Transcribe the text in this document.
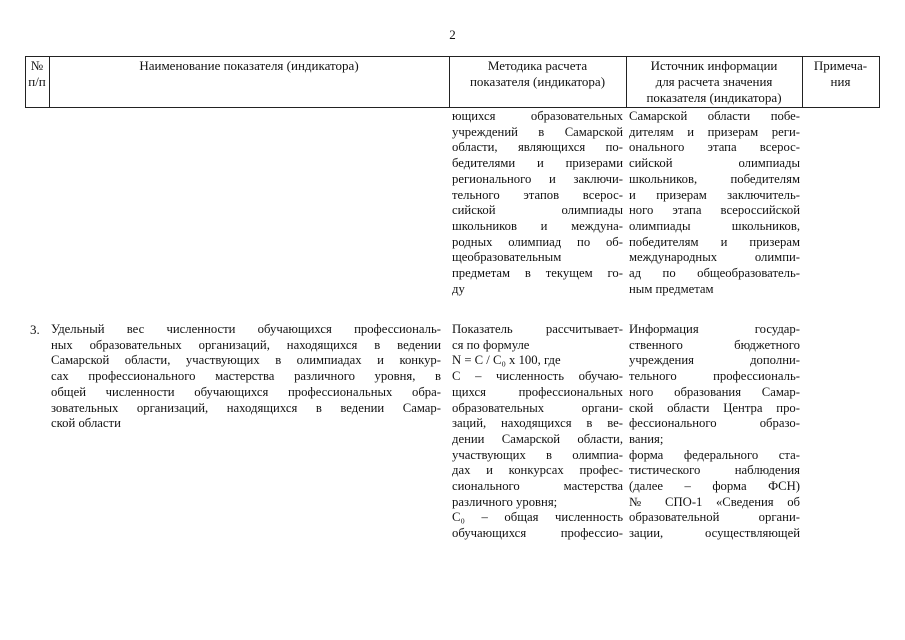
2
№
п/п
Наименование показателя (индикатора)	Методика расчета
показателя (индикатора)
Источник информации
для расчета значения
показателя (индикатора)
Примеча-
ния
ющихся образовательных
учреждений в Самарской
области, являющихся по-
бедителями и призерами
регионального и заключи-
тельного этапов всерос-
сийской олимпиады
школьников и междуна-
родных олимпиад по об-
щеобразовательным
предметам в текущем го-
ду
Самарской области побе-
дителям и призерам реги-
онального этапа всерос-
сийской олимпиады
школьников, победителям
и призерам заключитель-
ного этапа всероссийской
олимпиады школьников,
победителям и призерам
международных олимпи-
ад по общеобразователь-
ным предметам
3. Удельный вес численности обучающихся профессиональ-
ных образовательных организаций, находящихся в ведении
Самарской области, участвующих в олимпиадах и конкур-
сах профессионального мастерства различного уровня, в
общей численности обучающихся профессиональных обра-
зовательных организаций, находящихся в ведении Самар-
ской области
Показатель рассчитывает-
ся по формуле
N = C / C₀ x 100, где
C – численность обучаю-
щихся профессиональных
образовательных органи-
заций, находящихся в ве-
дении Самарской области,
участвующих в олимпиа-
дах и конкурсах профес-
сионального мастерства
различного уровня;
C₀ – общая численность
обучающихся профессио-
Информация государ-
ственного бюджетного
учреждения дополни-
тельного профессиональ-
ного образования Самар-
ской области Центра про-
фессионального образо-
вания;
форма федерального ста-
тистического наблюдения
(далее – форма ФСН)
№ СПО-1 «Сведения об
образовательной органи-
зации, осуществляющей
